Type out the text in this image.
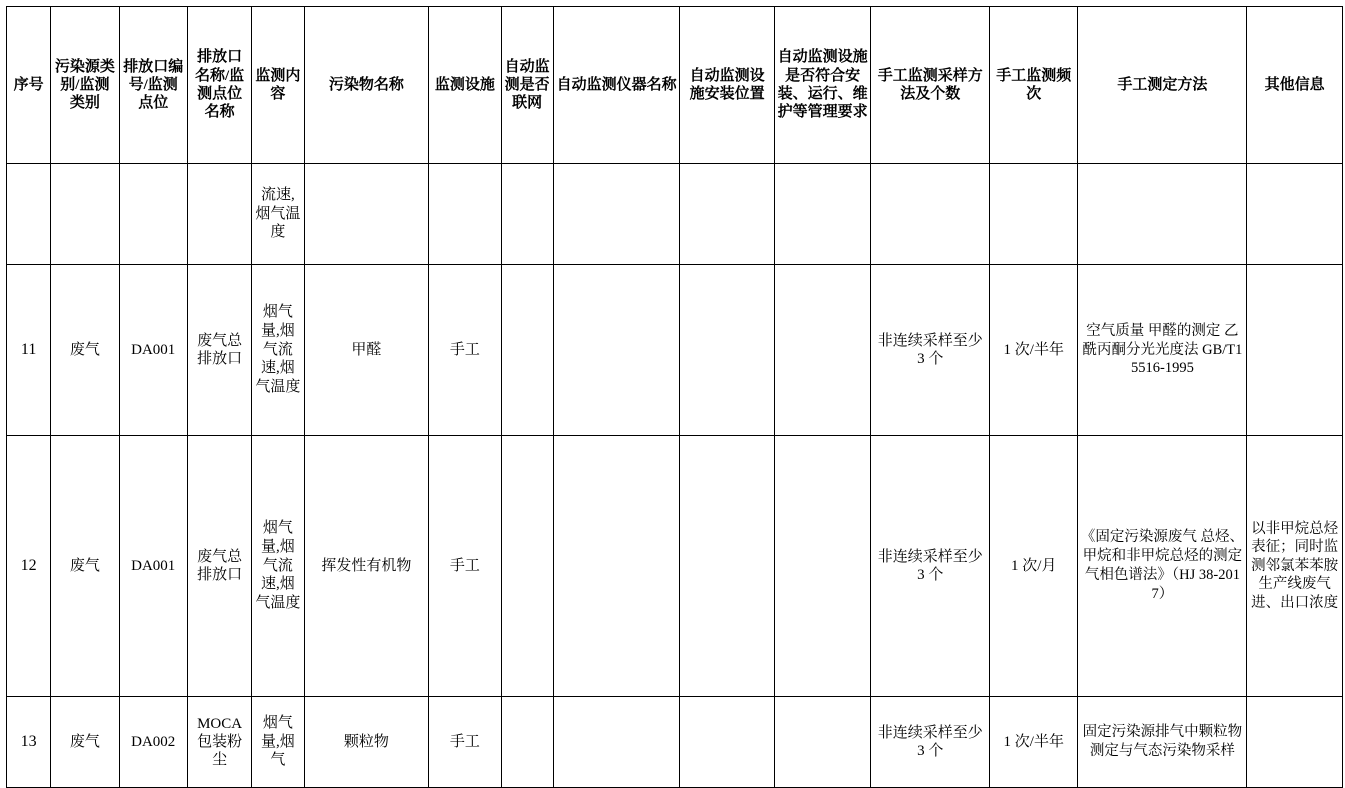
序号	污染源类别/监测类别	排放口编号/监测点位	排放口名称/监测点位名称	监测内容	污染物名称	监测设施	自动监测是否联网	自动监测仪器名称	自动监测设施安装位置	自动监测设施是否符合安装、运行、维护等管理要求	手工监测采样方法及个数	手工监测频次	手工测定方法	其他信息
				流速,烟气温度										
11	废气	DA001	废气总排放口	烟气量,烟气流速,烟气温度	甲醛	手工					非连续采样至少 3 个	1 次/半年	空气质量 甲醛的测定 乙酰丙酮分光光度法 GB/T15516-1995	
12	废气	DA001	废气总排放口	烟气量,烟气流速,烟气温度	挥发性有机物	手工					非连续采样至少 3 个	1 次/月	《固定污染源废气 总烃、甲烷和非甲烷总烃的测定 气相色谱法》（HJ 38-2017）	以非甲烷总烃表征；同时监测邻氯苯苯胺生产线废气进、出口浓度
13	废气	DA002	MOCA包装粉尘	烟气量,烟气	颗粒物	手工					非连续采样至少 3 个	1 次/半年	固定污染源排气中颗粒物测定与气态污染物采样	
